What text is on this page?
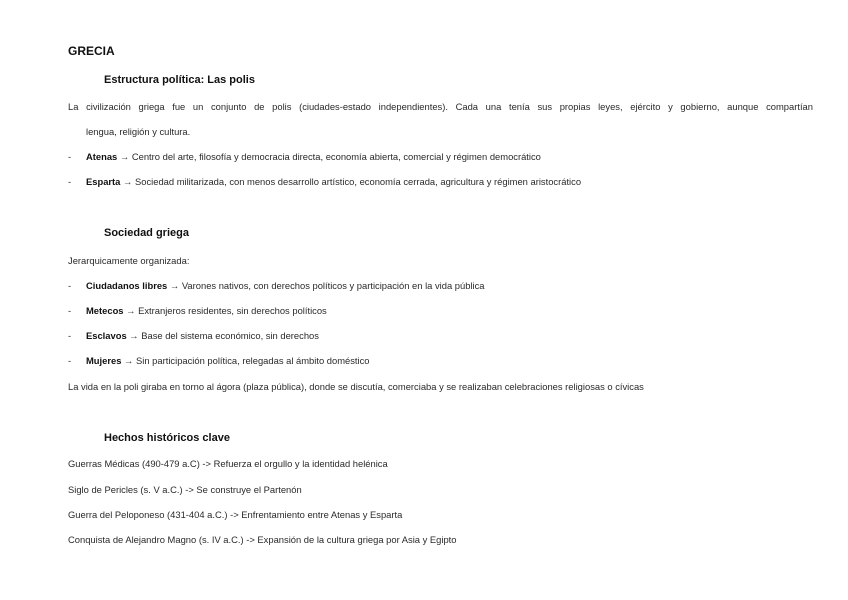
GRECIA
Estructura política: Las polis
La civilización griega fue un conjunto de polis (ciudades-estado independientes). Cada una tenía sus propias leyes, ejército y gobierno, aunque compartían
lengua, religión y cultura.
- Atenas → Centro del arte, filosofía y democracia directa, economía abierta, comercial y régimen democrático
- Esparta → Sociedad militarizada, con menos desarrollo artístico, economía cerrada, agricultura y régimen aristocrático
Sociedad griega
Jerarquicamente organizada:
- Ciudadanos libres → Varones nativos, con derechos políticos y participación en la vida pública
- Metecos → Extranjeros residentes, sin derechos políticos
- Esclavos → Base del sistema económico, sin derechos
- Mujeres → Sin participación política, relegadas al ámbito doméstico
La vida en la poli giraba en torno al ágora (plaza pública), donde se discutía, comerciaba y se realizaban celebraciones religiosas o cívicas
Hechos históricos clave
Guerras Médicas (490-479 a.C) -> Refuerza el orgullo y la identidad helénica
Siglo de Pericles (s. V a.C.) -> Se construye el Partenón
Guerra del Peloponeso (431-404 a.C.) -> Enfrentamiento entre Atenas y Esparta
Conquista de Alejandro Magno (s. IV a.C.) -> Expansión de la cultura griega por Asia y Egipto
